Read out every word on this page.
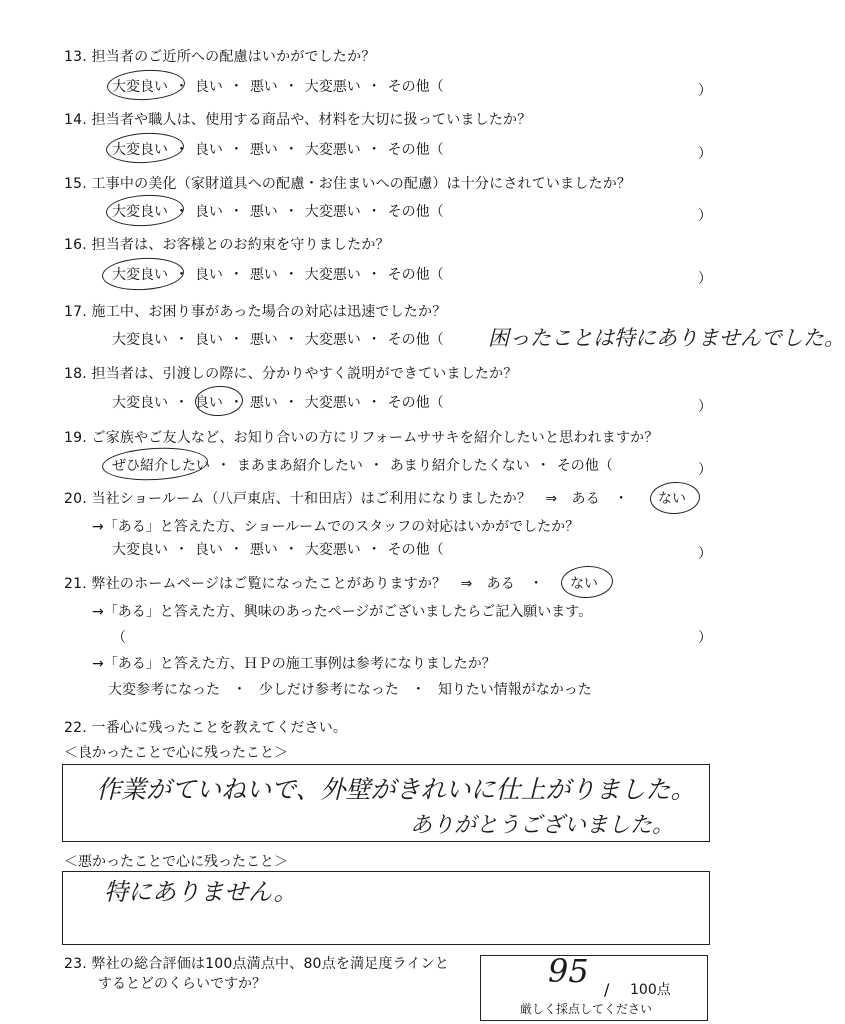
13. 担当者のご近所への配慮はいかがでしたか？
大変良い ・ 良い ・ 悪い ・ 大変悪い ・ その他（	）
14. 担当者や職人は、使用する商品や、材料を大切に扱っていましたか？
大変良い ・ 良い ・ 悪い ・ 大変悪い ・ その他（	）
15. 工事中の美化（家財道具への配慮・お住まいへの配慮）は十分にされていましたか？
大変良い ・ 良い ・ 悪い ・ 大変悪い ・ その他（	）
16. 担当者は、お客様とのお約束を守りましたか？
大変良い ・ 良い ・ 悪い ・ 大変悪い ・ その他（	）
17. 施工中、お困り事があった場合の対応は迅速でしたか？
大変良い ・ 良い ・ 悪い ・ 大変悪い ・ その他（ 困ったことは特にありませんでした。
18. 担当者は、引渡しの際に、分かりやすく説明ができていましたか？
大変良い ・ 良い ・ 悪い ・ 大変悪い ・ その他（	）
19. ご家族やご友人など、お知り合いの方にリフォームササキを紹介したいと思われますか？
ぜひ紹介したい ・ まあまあ紹介したい ・ あまり紹介したくない ・ その他（	）
20. 当社ショールーム（八戸東店、十和田店）はご利用になりましたか？　⇒　ある　・ ない
→「ある」と答えた方、ショールームでのスタッフの対応はいかがでしたか？
大変良い ・ 良い ・ 悪い ・ 大変悪い ・ その他（	）
21. 弊社のホームページはご覧になったことがありますか？　⇒　ある　・ ない
→「ある」と答えた方、興味のあったページがございましたらご記入願います。
（	）
→「ある」と答えた方、ＨＰの施工事例は参考になりましたか？
大変参考になった ・ 少しだけ参考になった ・ 知りたい情報がなかった
22. 一番心に残ったことを教えてください。
＜良かったことで心に残ったこと＞
作業がていねいで、外壁がきれいに仕上がりました。
ありがとうございました。
＜悪かったことで心に残ったこと＞
特にありません。
23. 弊社の総合評価は100点満点中、80点を満足度ラインと
するとどのくらいですか？	95 / 100点
厳しく採点してください
